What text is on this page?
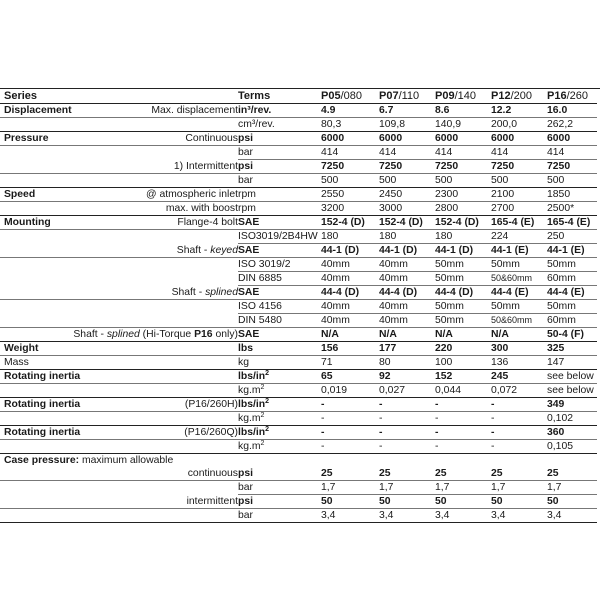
Series	Terms	P05/080	P07/110	P09/140	P12/200	P16/260

Displacement Max. displacement	in³/rev.	4.9	6.7	8.6	12.2	16.0
	cm³/rev.	80,3	109,8	140,9	200,0	262,2

Pressure Continuous	psi	6000	6000	6000	6000	6000
	bar	414	414	414	414	414
1) Intermittent	psi	7250	7250	7250	7250	7250
	bar	500	500	500	500	500

Speed @ atmospheric inlet	rpm	2550	2450	2300	2100	1850
max. with boost	rpm	3200	3000	2800	2700	2500*

Mounting Flange-4 bolt	SAE	152-4 (D)	152-4 (D)	152-4 (D)	165-4 (E)	165-4 (E)
	ISO3019/2B4HW	180	180	180	224	250
Shaft - keyed	SAE	44-1 (D)	44-1 (D)	44-1 (D)	44-1 (E)	44-1 (E)
	ISO 3019/2	40mm	40mm	50mm	50mm	50mm
	DIN 6885	40mm	40mm	50mm	50&60mm	60mm
Shaft - splined	SAE	44-4 (D)	44-4 (D)	44-4 (D)	44-4 (E)	44-4 (E)
	ISO 4156	40mm	40mm	50mm	50mm	50mm
	DIN 5480	40mm	40mm	50mm	50&60mm	60mm
Shaft - splined (Hi-Torque P16 only)	SAE	N/A	N/A	N/A	N/A	50-4 (F)

Weight	lbs	156	177	220	300	325
Mass	kg	71	80	100	136	147

Rotating inertia	lbs/$in^2$	65	92	152	245	see below
	$kg.m^2$	0,019	0,027	0,044	0,072	see below

Rotating inertia (P16/260H)	lbs/$in^2$	-	-	-	-	349
	$kg.m^2$	-	-	-	-	0,102

Rotating inertia (P16/260Q)	lbs/$in^2$	-	-	-	-	360
	$kg.m^2$	-	-	-	-	0,105

Case pressure: maximum allowable						

continuous	psi	25	25	25	25	25
	bar	1,7	1,7	1,7	1,7	1,7
intermittent	psi	50	50	50	50	50
	bar	3,4	3,4	3,4	3,4	3,4
